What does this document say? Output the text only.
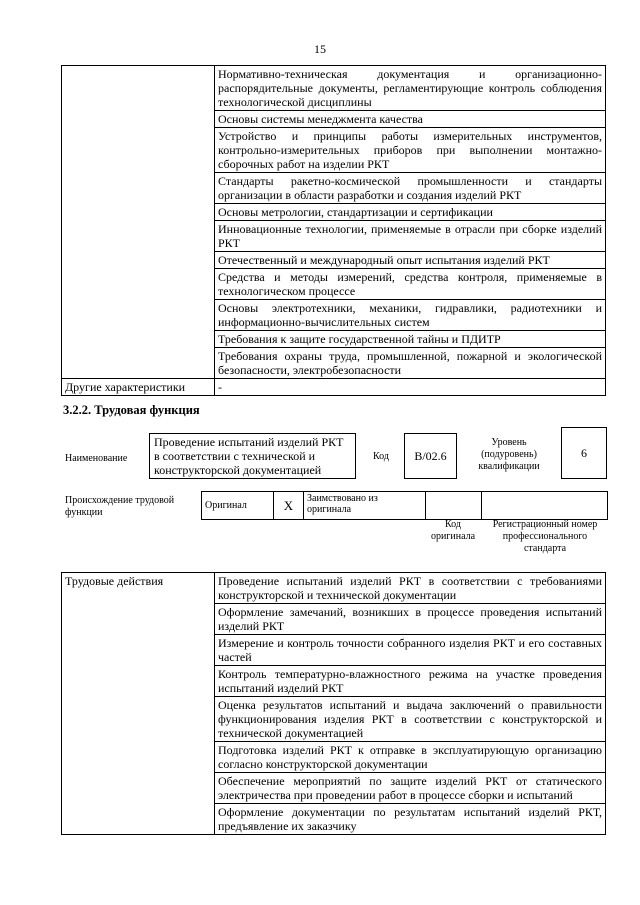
15
	Нормативно-техническая документация и организационно-распорядительные документы, регламентирующие контроль соблюдения технологической дисциплины
	Основы системы менеджмента качества
	Устройство и принципы работы измерительных инструментов, контрольно-измерительных приборов при выполнении монтажно-сборочных работ на изделии РКТ
	Стандарты ракетно-космической промышленности и стандарты организации в области разработки и создания изделий РКТ
	Основы метрологии, стандартизации и сертификации
	Инновационные технологии, применяемые в отрасли при сборке изделий РКТ
	Отечественный и международный опыт испытания изделий РКТ
	Средства и методы измерений, средства контроля, применяемые в технологическом процессе
	Основы электротехники, механики, гидравлики, радиотехники и информационно-вычислительных систем
	Требования к защите государственной тайны и ПДИТР
	Требования охраны труда, промышленной, пожарной и экологической безопасности, электробезопасности
Другие характеристики	-
3.2.2. Трудовая функция
Наименование
Проведение испытаний изделий РКТ в соответствии с технической и конструкторской документацией
Код B/02.6
Уровень (подуровень) квалификации
6
Происхождение трудовой функции
Оригинал	X	Заимствовано из оригинала		
Код оригинала
Регистрационный номер профессионального стандарта
Трудовые действия	Проведение испытаний изделий РКТ в соответствии с требованиями конструкторской и технической документации
Оформление замечаний, возникших в процессе проведения испытаний изделий РКТ
Измерение и контроль точности собранного изделия РКТ и его составных частей
Контроль температурно-влажностного режима на участке проведения испытаний изделий РКТ
Оценка результатов испытаний и выдача заключений о правильности функционирования изделия РКТ в соответствии с конструкторской и технической документацией
Подготовка изделий РКТ к отправке в эксплуатирующую организацию согласно конструкторской документации
Обеспечение мероприятий по защите изделий РКТ от статического электричества при проведении работ в процессе сборки и испытаний
Оформление документации по результатам испытаний изделий РКТ, предъявление их заказчику
